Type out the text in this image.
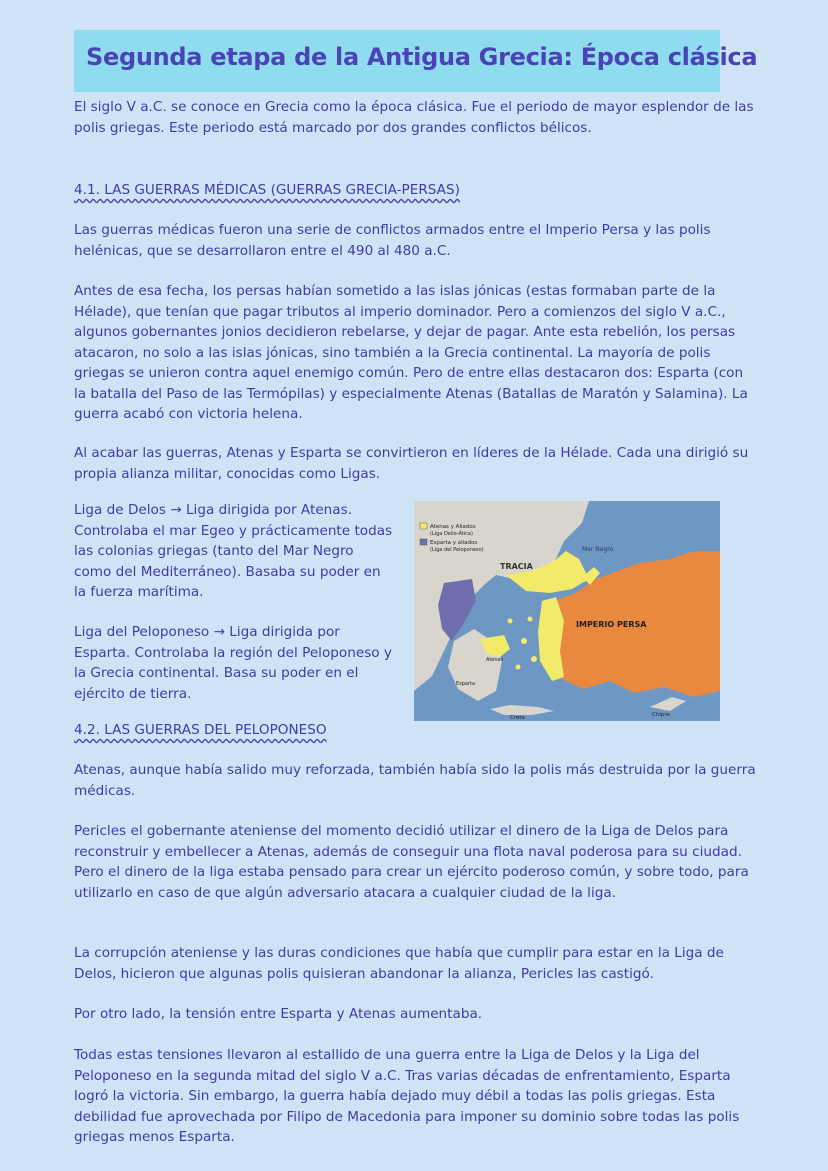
Segunda etapa de la Antigua Grecia: Época clásica

El siglo V a.C. se conoce en Grecia como la época clásica. Fue el periodo de mayor esplendor de las polis griegas. Este periodo está marcado por dos grandes conflictos bélicos.

4.1. LAS GUERRAS MÉDICAS (GUERRAS GRECIA-PERSAS)

Las guerras médicas fueron una serie de conflictos armados entre el Imperio Persa y las polis helénicas, que se desarrollaron entre el 490 al 480 a.C.

Antes de esa fecha, los persas habían sometido a las islas jónicas (estas formaban parte de la Hélade), que tenían que pagar tributos al imperio dominador. Pero a comienzos del siglo V a.C., algunos gobernantes jonios decidieron rebelarse, y dejar de pagar. Ante esta rebelión, los persas atacaron, no solo a las islas jónicas, sino también a la Grecia continental. La mayoría de polis griegas se unieron contra aquel enemigo común. Pero de entre ellas destacaron dos: Esparta (con la batalla del Paso de las Termópilas) y especialmente Atenas (Batallas de Maratón y Salamina). La guerra acabó con victoria helena.

Al acabar las guerras, Atenas y Esparta se convirtieron en líderes de la Hélade. Cada una dirigió su propia alianza militar, conocidas como Ligas.

Liga de Delos → Liga dirigida por Atenas. Controlaba el mar Egeo y prácticamente todas las colonias griegas (tanto del Mar Negro como del Mediterráneo). Basaba su poder en la fuerza marítima.

Liga del Peloponeso → Liga dirigida por Esparta. Controlaba la región del Peloponeso y la Grecia continental. Basa su poder en el ejército de tierra.

Atenas y Aliados
(Liga Delio-Ática)
Esparta y aliados
(Liga del Peloponeso)
TRACIA
Mar Negro
IMPERIO PERSA
Atenas
Esparta
Creta	Chipre
4.2. LAS GUERRAS DEL PELOPONESO

Atenas, aunque había salido muy reforzada, también había sido la polis más destruida por la guerra médicas.

Pericles el gobernante ateniense del momento decidió utilizar el dinero de la Liga de Delos para reconstruir y embellecer a Atenas, además de conseguir una flota naval poderosa para su ciudad. Pero el dinero de la liga estaba pensado para crear un ejército poderoso común, y sobre todo, para utilizarlo en caso de que algún adversario atacara a cualquier ciudad de la liga.

La corrupción ateniense y las duras condiciones que había que cumplir para estar en la Liga de Delos, hicieron que algunas polis quisieran abandonar la alianza, Pericles las castigó.

Por otro lado, la tensión entre Esparta y Atenas aumentaba.

Todas estas tensiones llevaron al estallido de una guerra entre la Liga de Delos y la Liga del Peloponeso en la segunda mitad del siglo V a.C. Tras varias décadas de enfrentamiento, Esparta logró la victoria. Sin embargo, la guerra había dejado muy débil a todas las polis griegas. Esta debilidad fue aprovechada por Filipo de Macedonia para imponer su dominio sobre todas las polis griegas menos Esparta.
